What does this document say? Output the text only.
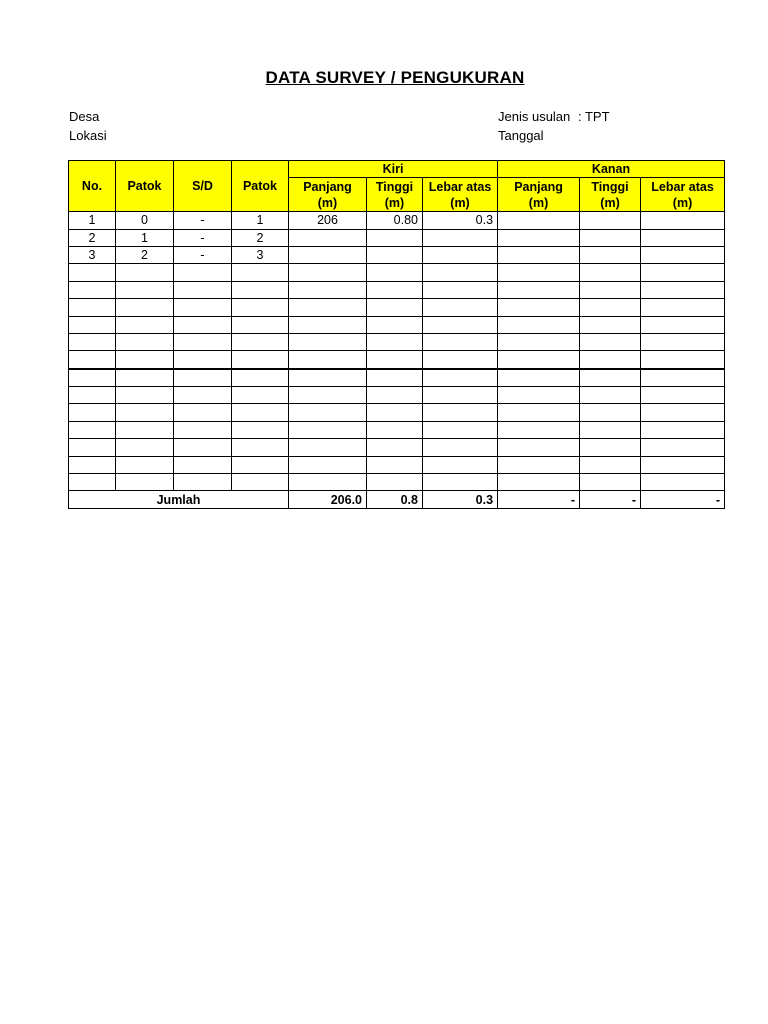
DATA SURVEY / PENGUKURAN
Desa
Lokasi
Jenis usulan : TPT
Tanggal
No.	Patok	S/D	Patok	Kiri			Kanan		
				Panjang	Tinggi	Lebar atas	Panjang	Tinggi	Lebar atas
				(m)	(m)	(m)	(m)	(m)	(m)
1	0	-	1	206	0.80	0.3			
2	1	-	2						
3	2	-	3						

Jumlah				206.0	0.8	0.3	-	-	-
